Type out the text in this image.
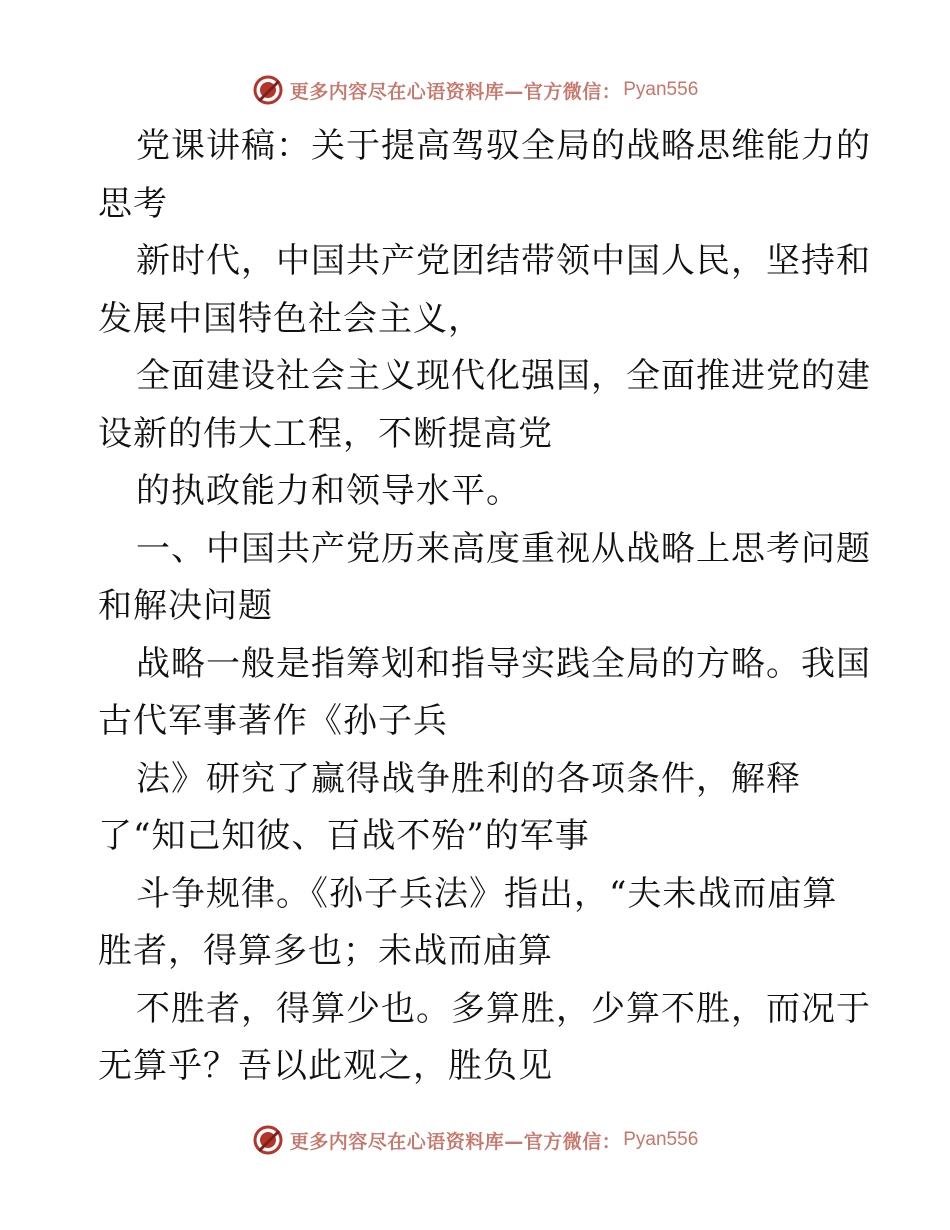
更多内容尽在心语资料库—官方微信： Pyan556
党课讲稿：关于提高驾驭全局的战略思维能力的
思考
新时代，中国共产党团结带领中国人民，坚持和
发展中国特色社会主义，
全面建设社会主义现代化强国，全面推进党的建
设新的伟大工程，不断提高党
的执政能力和领导水平。
一、中国共产党历来高度重视从战略上思考问题
和解决问题
战略一般是指筹划和指导实践全局的方略。我国
古代军事著作《孙子兵
法》研究了赢得战争胜利的各项条件，解释
了“知己知彼、百战不殆”的军事
斗争规律。《孙子兵法》指出，“夫未战而庙算
胜者，得算多也；未战而庙算
不胜者，得算少也。多算胜，少算不胜，而况于
无算乎？吾以此观之，胜负见
更多内容尽在心语资料库—官方微信： Pyan556
